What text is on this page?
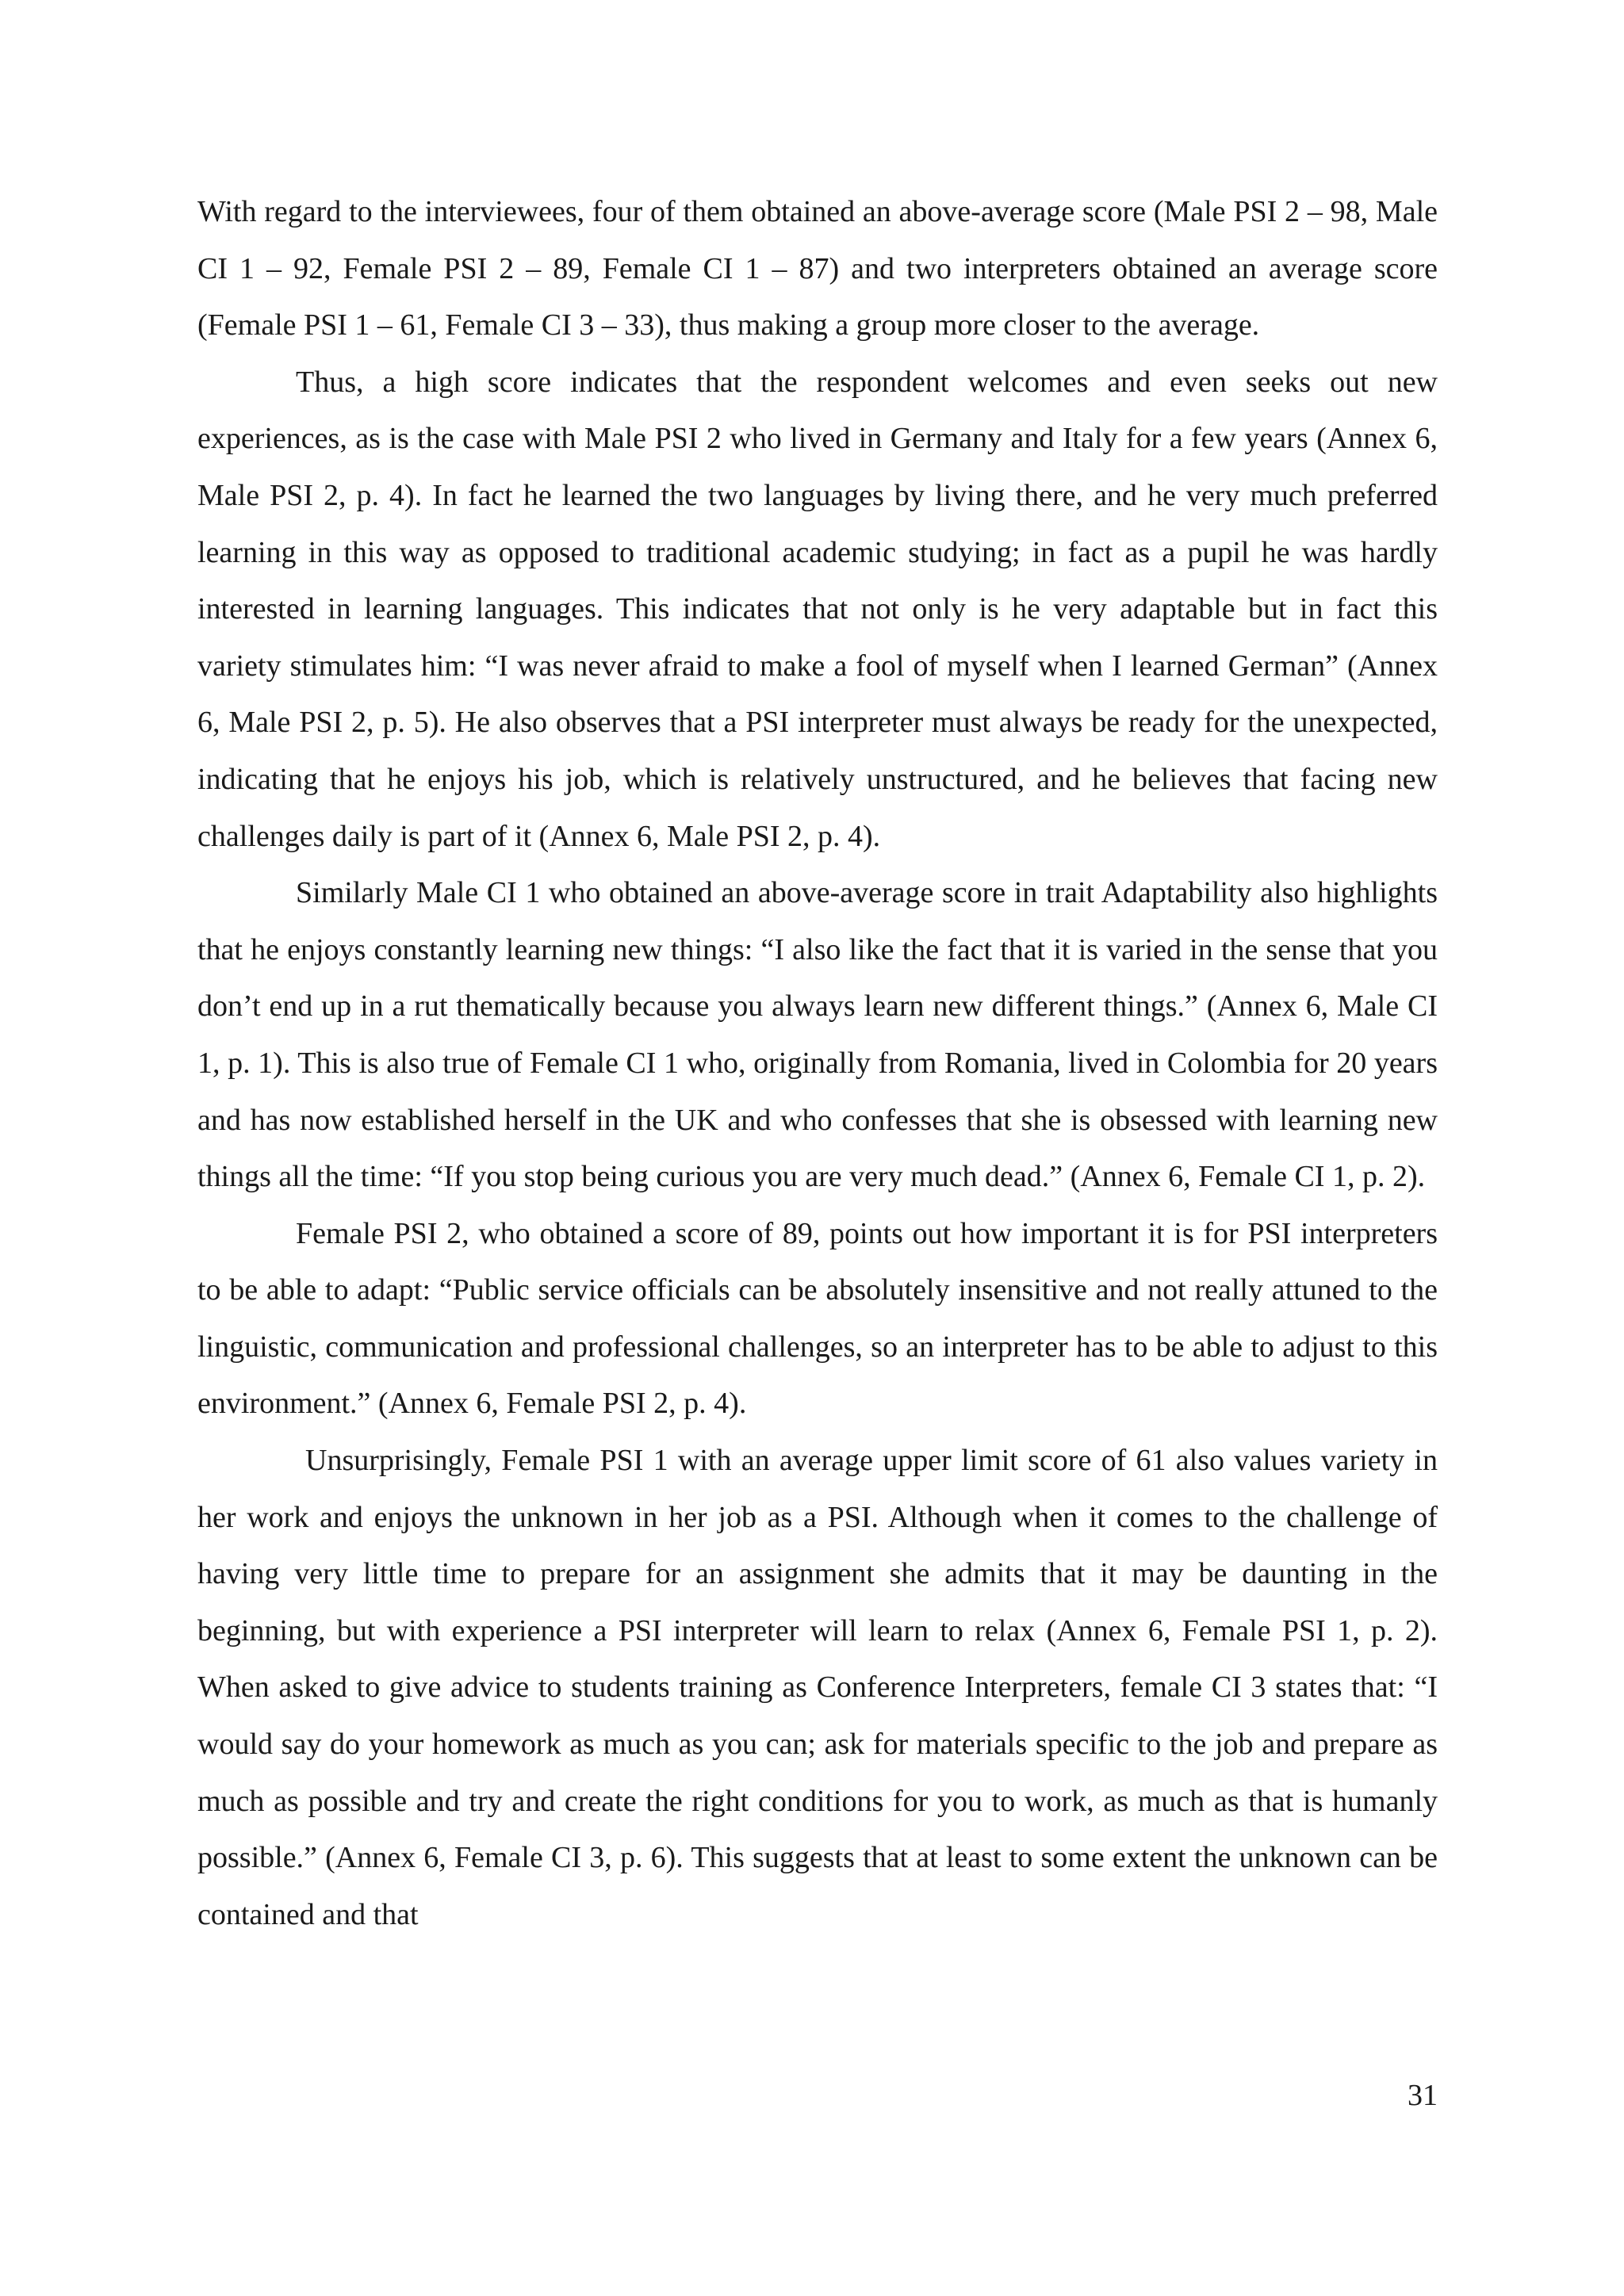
With regard to the interviewees, four of them obtained an above-average score (Male PSI 2 – 98, Male CI 1 – 92, Female PSI 2 – 89, Female CI 1 – 87) and two interpreters obtained an average score (Female PSI 1 – 61, Female CI 3 – 33), thus making a group more closer to the average.

Thus, a high score indicates that the respondent welcomes and even seeks out new experiences, as is the case with Male PSI 2 who lived in Germany and Italy for a few years (Annex 6, Male PSI 2, p. 4). In fact he learned the two languages by living there, and he very much preferred learning in this way as opposed to traditional academic studying; in fact as a pupil he was hardly interested in learning languages. This indicates that not only is he very adaptable but in fact this variety stimulates him: “I was never afraid to make a fool of myself when I learned German” (Annex 6, Male PSI 2, p. 5). He also observes that a PSI interpreter must always be ready for the unexpected, indicating that he enjoys his job, which is relatively unstructured, and he believes that facing new challenges daily is part of it (Annex 6, Male PSI 2, p. 4).

Similarly Male CI 1 who obtained an above-average score in trait Adaptability also highlights that he enjoys constantly learning new things: “I also like the fact that it is varied in the sense that you don’t end up in a rut thematically because you always learn new different things.” (Annex 6, Male CI 1, p. 1). This is also true of Female CI 1 who, originally from Romania, lived in Colombia for 20 years and has now established herself in the UK and who confesses that she is obsessed with learning new things all the time: “If you stop being curious you are very much dead.” (Annex 6, Female CI 1, p. 2).

Female PSI 2, who obtained a score of 89, points out how important it is for PSI interpreters to be able to adapt: “Public service officials can be absolutely insensitive and not really attuned to the linguistic, communication and professional challenges, so an interpreter has to be able to adjust to this environment.” (Annex 6, Female PSI 2, p. 4).

Unsurprisingly, Female PSI 1 with an average upper limit score of 61 also values variety in her work and enjoys the unknown in her job as a PSI. Although when it comes to the challenge of having very little time to prepare for an assignment she admits that it may be daunting in the beginning, but with experience a PSI interpreter will learn to relax (Annex 6, Female PSI 1, p. 2). When asked to give advice to students training as Conference Interpreters, female CI 3 states that: “I would say do your homework as much as you can; ask for materials specific to the job and prepare as much as possible and try and create the right conditions for you to work, as much as that is humanly possible.” (Annex 6, Female CI 3, p. 6). This suggests that at least to some extent the unknown can be contained and that

31
